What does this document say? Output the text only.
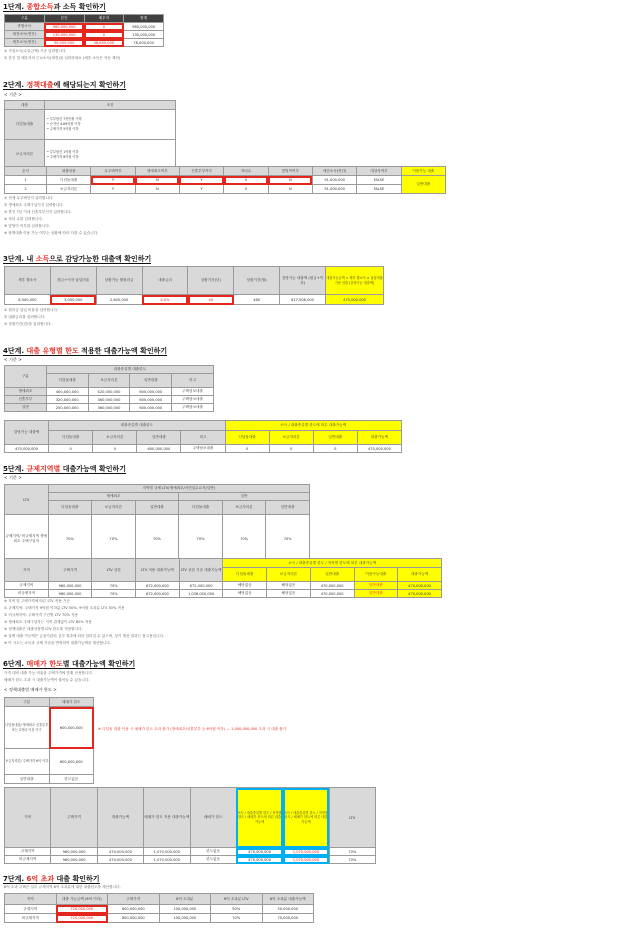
1단계. 종합소득과 소득 확인하기
구분	본인	배우자	합계
종합소득	960,000,000	0	960,000,000
세전소득(연간)	130,000,000	0	130,000,000
세후소득(연간)	30,000,000	48,600,000	78,000,000
① 사업소득(수입금액) 기준 입력합니다.
② 본인 및 배우자의 근로소득(세전)을 입력하세요 (세후 소득은 자동 계산)
2단계. 정책대출에 해당되는지 확인하기
< 기준 >
대출	조건
디딤돌대출	• 부부합산 7천만원 이하
• 순자산 4.69억원 이하
• 주택가격 5억원 이하
보금자리론	• 부부합산 1억원 이하
• 주택가격 6억원 이하
순서	대출상품	무주택여부	생애최초여부	신혼부부여부	자녀수	맞벌이여부	세전소득(연간)	대상자여부	이용가능 대출
1	디딤돌대출	Y	N	Y	0	N	91,000,000	FALSE	일반대출
2	보금자리론	Y	N	Y	0	N	91,000,000	FALSE	
① 현재 무주택인지 입력합니다.
② 생애최초 주택구입인지 입력합니다.
③ 혼인 7년 이내 신혼부부인지 입력합니다.
④ 자녀 수를 입력합니다.
⑤ 맞벌이 여부를 입력합니다.
※ 정책대출 이용 가능 여부는 상황에 따라 다를 수 있습니다.
3단계. 내 소득으로 감당가능한 대출액 확인하기
세후 월소득	원금+이자 납입비율	상환가능 월원리금	대출금리	상환기간(년)	상환기간(월)	감당가능 대출액 (원금+이자)	대출가능금액 = 세후 월소득 × 납입비율 기준 산출 (감당가능 대출액)
6,500,000	3,000,000	2,600,000	4.0%	40	480	617,508,000	470,000,000
① 원리금 납입 비율을 입력합니다.
② 대출금리를 입력합니다.
③ 상환기간(년)을 입력합니다.
4단계. 대출 유형별 한도 적용한 대출가능액 확인하기
< 기준 >
구분	대출종류별 대출한도			
	디딤돌대출	보금자리론	일반대출	비고
생애최초	400,000,000	420,000,000	600,000,000	주택담보대출
신혼부부	320,000,000	360,000,000	600,000,000	주택담보대출
일반	250,000,000	360,000,000	600,000,000	주택담보대출
감당가능 대출액	대출종류별 대출한도				소득 / 대출종류별 한도에 따른 대출가능액			
	디딤돌대출	보금자리론	일반대출	비고	디딤돌대출	보금자리론	일반대출	대출가능액
470,000,000	0	0	600,000,000	주택담보대출	0	0	0	470,000,000
5단계. 규제지역별 대출가능액 확인하기
< 기준 >
LTV	지역별 규제 LTV(생애최초/서민실수요자/일반)					
	생애최초			일반		
	디딤돌대출	보금자리론	일반대출	디딤돌대출	보금자리론	일반대출
규제지역/ 비규제지역 생애최초 주택구입자	70%	70%	70%	70%	70%	70%
지역	주택가격	LTV 상한	LTV 적용 대출가능액	LTV 상한 기준 대출가능액	소득 / 대출종류별 한도 / 지역별 한도에 따른 대출가능액				
					디딤돌대출	보금자리론	일반대출	이용가능대출	대출가능액
규제지역	960,000,000	70%	672,000,000	672,000,000	해당없음	해당없음	470,000,000	일반대출	470,000,000
비규제지역	960,000,000	70%	672,000,000	1,036,000,000	해당없음	해당없음	470,000,000	일반대출	470,000,000
※ 지역 및 주택가격에 따른 LTV 적용 기준
① 규제지역: 주택가격 9억원 이하분 LTV 50%, 9억원 초과분 LTV 30% 적용
② 비규제지역: 주택가격 구간별 LTV 70% 적용
③ 생애최초 주택구입자는 지역 관계없이 LTV 80% 적용
④ 정책대출은 대출상품별 LTV 한도를 적용합니다.
※ 실제 대출 가능액은 금융기관의 심사 결과에 따라 달라질 수 있으며, 상기 계산 결과는 참고용입니다.
※ 이 시트는 소득과 규제 기준을 반영하여 대출가능액을 계산합니다.
6단계. 매매가 한도별 대출가능액 확인하기
가격 대비 대출 가능 비율을 주택가격에 맞춰 산정합니다.
매매가 한도 초과 시 대출가능액이 줄어들 수 있습니다.
< 정책대출별 매매가 한도 >
구분	매매가 한도
디딤돌대출/ 생애최초 신혼부부 또는 2자녀 이상 가구	600,000,000
보금자리론/ 주택가격 6억 이하	600,000,000
일반대출	한도없음
※ 디딤돌 대출 이용 시 매매가 한도 초과 불가 (생애최초/신혼부부 등 6억원 이하) — 1,000,000,000 초과 시 대출 불가
지역	주택가격	대출가능액	매매가 한도 적용 대출가능액	매매가 한도	소득 / 대출종류별 한도 / 지역별 한도 / 매매가 한도에 따른 대출가능액	소득 / 대출종류별 한도 / 지역별 한도 / 매매가 한도에 따른 대출가능액	LTV
규제지역	960,000,000	470,000,000	1,070,000,000	한도없음	470,000,000	1,070,000,000	70%
비규제지역	960,000,000	470,000,000	1,070,000,000	한도없음	470,000,000	1,070,000,000	70%
7단계. 6억 초과 대출 확인하기
6억 초과 주택은 일부 규제지역 6억 초과분에 대한 대출한도를 계산합니다.
지역	대출 가능금액 (6억 이하)	주택가격	6억 초과분	6억 초과분 LTV	6억 초과분 대출가능액
규제지역	720,000,000	600,000,000	100,000,000	50%	50,000,000
비규제지역	720,000,000	800,000,000	100,000,000	70%	70,000,000
